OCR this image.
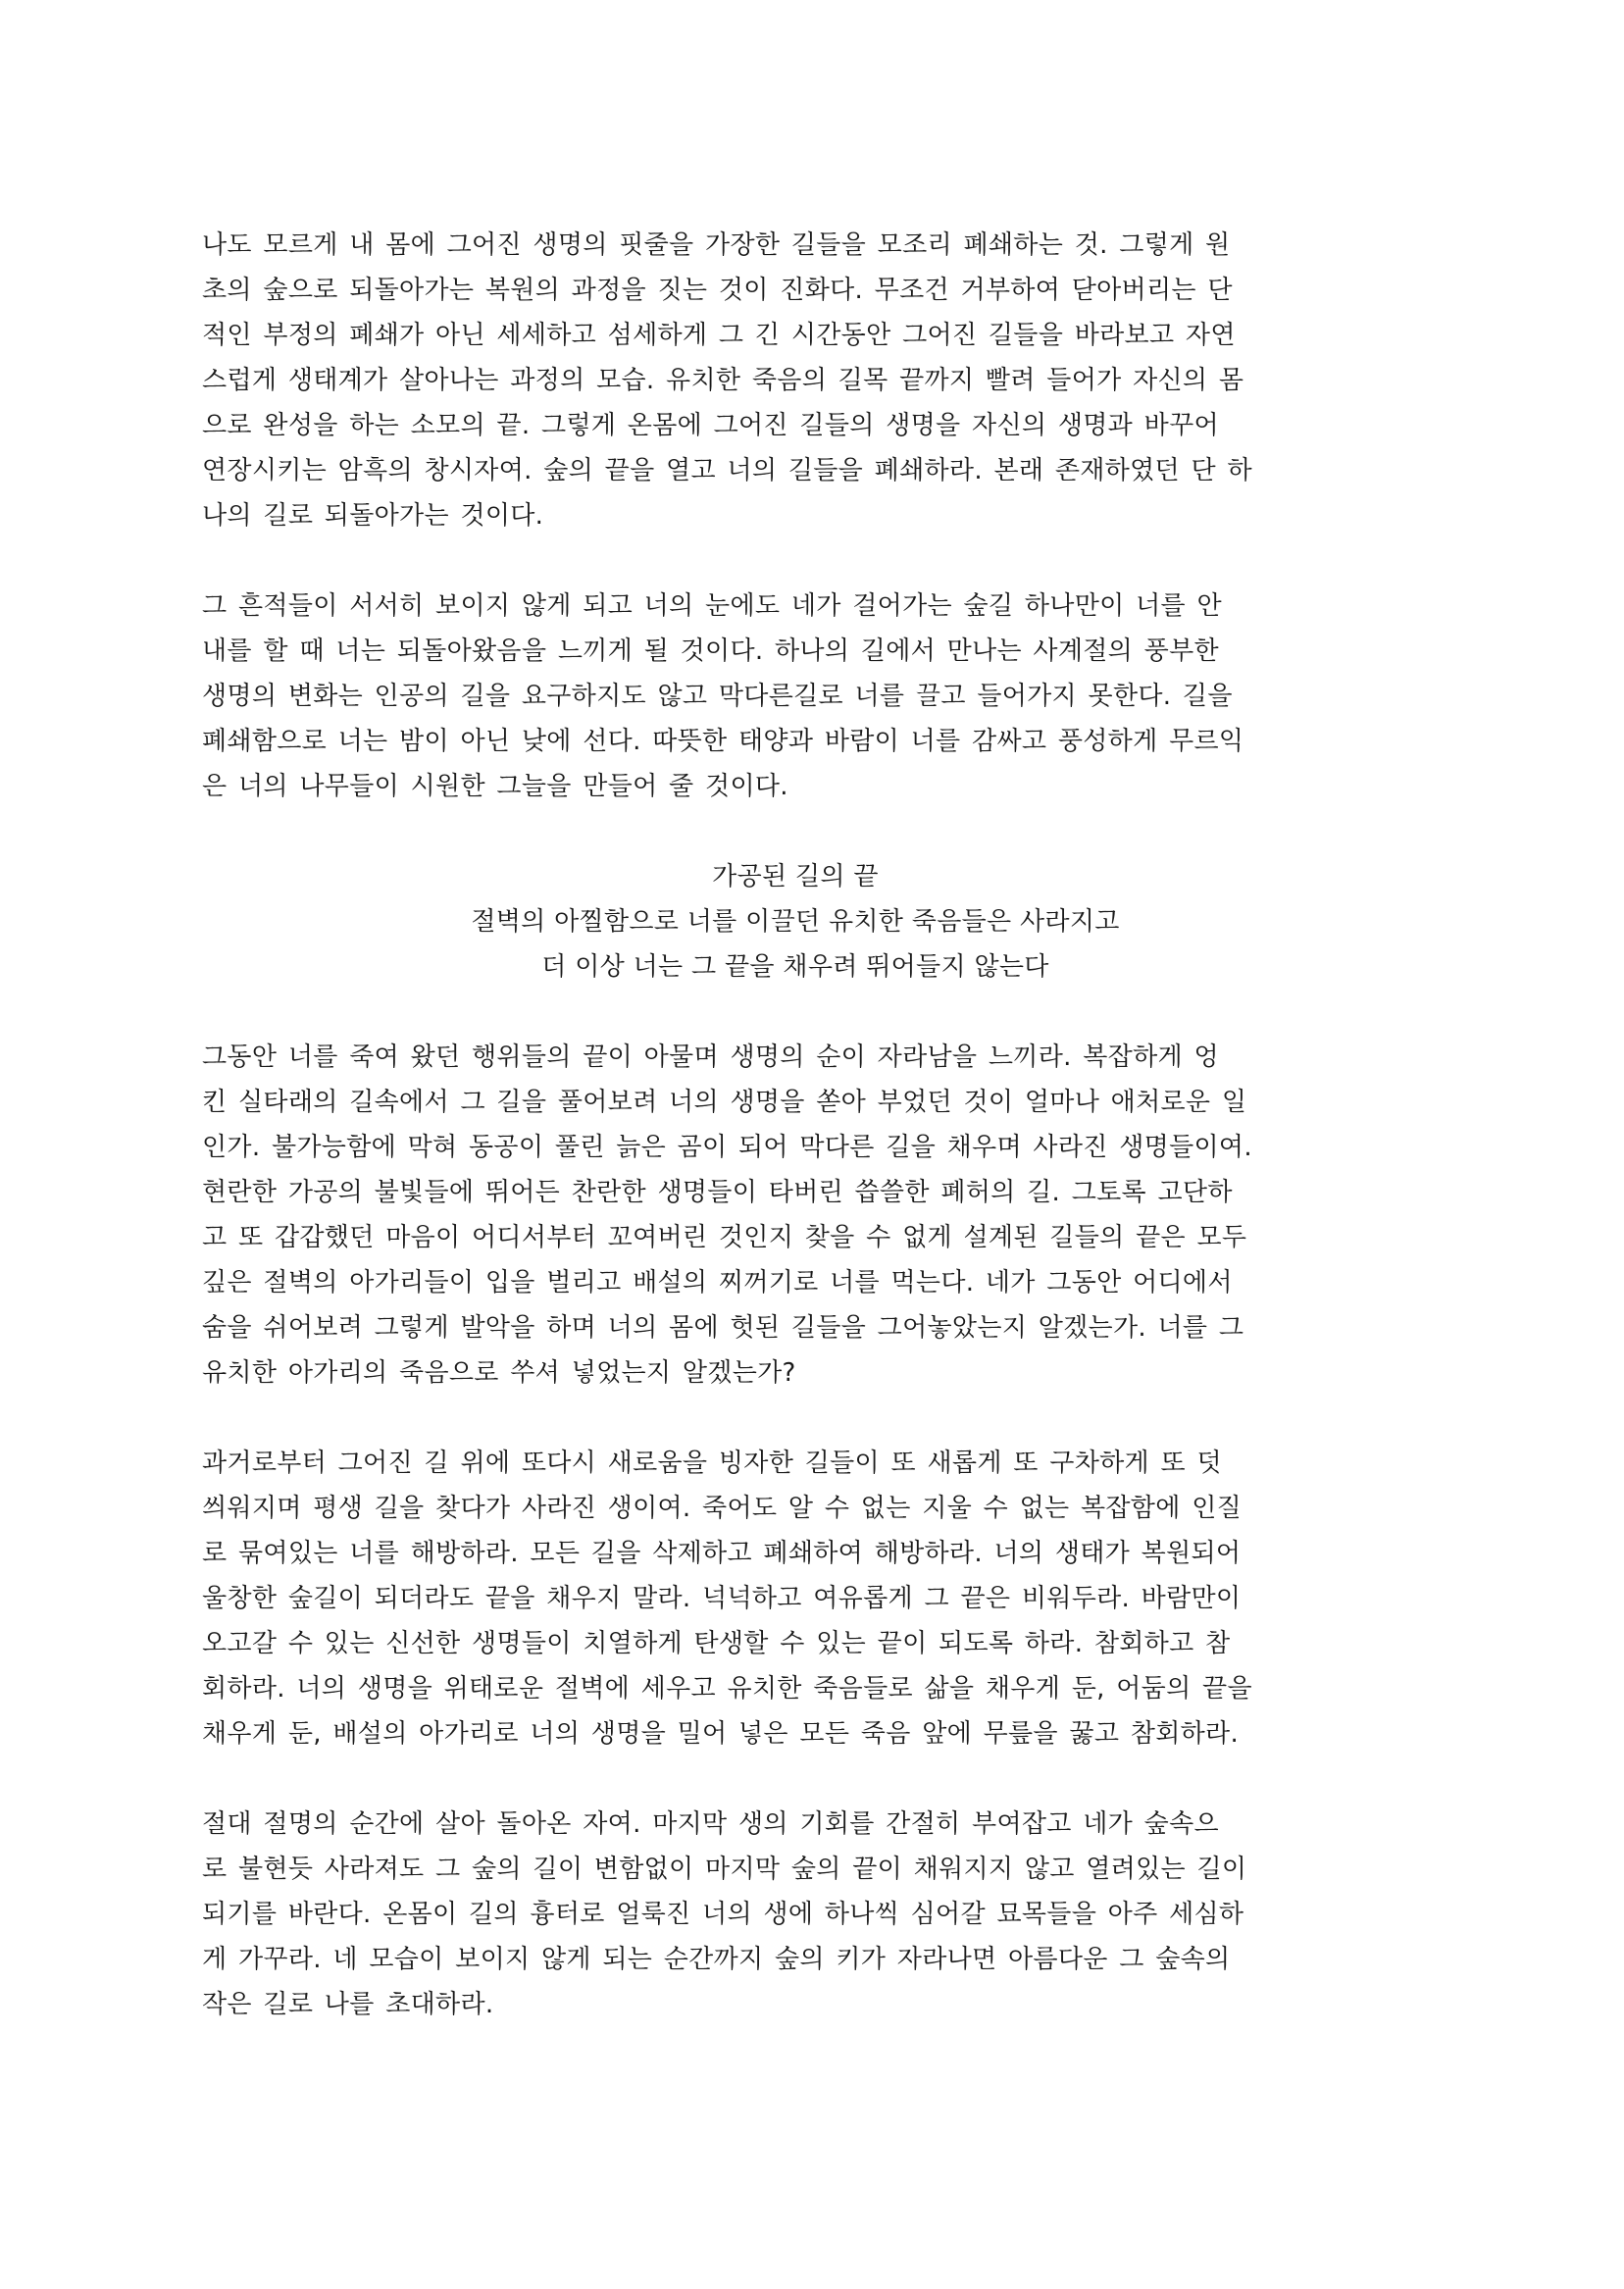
나도 모르게 내 몸에 그어진 생명의 핏줄을 가장한 길들을 모조리 폐쇄하는 것. 그렇게 원
초의 숲으로 되돌아가는 복원의 과정을 짓는 것이 진화다. 무조건 거부하여 닫아버리는 단
적인 부정의 폐쇄가 아닌 세세하고 섬세하게 그 긴 시간동안 그어진 길들을 바라보고 자연
스럽게 생태계가 살아나는 과정의 모습. 유치한 죽음의 길목 끝까지 빨려 들어가 자신의 몸
으로 완성을 하는 소모의 끝. 그렇게 온몸에 그어진 길들의 생명을 자신의 생명과 바꾸어
연장시키는 암흑의 창시자여. 숲의 끝을 열고 너의 길들을 폐쇄하라. 본래 존재하였던 단 하
나의 길로 되돌아가는 것이다.

그 흔적들이 서서히 보이지 않게 되고 너의 눈에도 네가 걸어가는 숲길 하나만이 너를 안
내를 할 때 너는 되돌아왔음을 느끼게 될 것이다. 하나의 길에서 만나는 사계절의 풍부한
생명의 변화는 인공의 길을 요구하지도 않고 막다른길로 너를 끌고 들어가지 못한다. 길을
폐쇄함으로 너는 밤이 아닌 낮에 선다. 따뜻한 태양과 바람이 너를 감싸고 풍성하게 무르익
은 너의 나무들이 시원한 그늘을 만들어 줄 것이다.

가공된 길의 끝
절벽의 아찔함으로 너를 이끌던 유치한 죽음들은 사라지고
더 이상 너는 그 끝을 채우려 뛰어들지 않는다

그동안 너를 죽여 왔던 행위들의 끝이 아물며 생명의 순이 자라남을 느끼라. 복잡하게 엉
킨 실타래의 길속에서 그 길을 풀어보려 너의 생명을 쏟아 부었던 것이 얼마나 애처로운 일
인가. 불가능함에 막혀 동공이 풀린 늙은 곰이 되어 막다른 길을 채우며 사라진 생명들이여.
현란한 가공의 불빛들에 뛰어든 찬란한 생명들이 타버린 씁쓸한 폐허의 길. 그토록 고단하
고 또 갑갑했던 마음이 어디서부터 꼬여버린 것인지 찾을 수 없게 설계된 길들의 끝은 모두
깊은 절벽의 아가리들이 입을 벌리고 배설의 찌꺼기로 너를 먹는다. 네가 그동안 어디에서
숨을 쉬어보려 그렇게 발악을 하며 너의 몸에 헛된 길들을 그어놓았는지 알겠는가. 너를 그
유치한 아가리의 죽음으로 쑤셔 넣었는지 알겠는가?

과거로부터 그어진 길 위에 또다시 새로움을 빙자한 길들이 또 새롭게 또 구차하게 또 덧
씌워지며 평생 길을 찾다가 사라진 생이여. 죽어도 알 수 없는 지울 수 없는 복잡함에 인질
로 묶여있는 너를 해방하라. 모든 길을 삭제하고 폐쇄하여 해방하라. 너의 생태가 복원되어
울창한 숲길이 되더라도 끝을 채우지 말라. 넉넉하고 여유롭게 그 끝은 비워두라. 바람만이
오고갈 수 있는 신선한 생명들이 치열하게 탄생할 수 있는 끝이 되도록 하라. 참회하고 참
회하라. 너의 생명을 위태로운 절벽에 세우고 유치한 죽음들로 삶을 채우게 둔, 어둠의 끝을
채우게 둔, 배설의 아가리로 너의 생명을 밀어 넣은 모든 죽음 앞에 무릎을 꿇고 참회하라.

절대 절명의 순간에 살아 돌아온 자여. 마지막 생의 기회를 간절히 부여잡고 네가 숲속으
로 불현듯 사라져도 그 숲의 길이 변함없이 마지막 숲의 끝이 채워지지 않고 열려있는 길이
되기를 바란다. 온몸이 길의 흉터로 얼룩진 너의 생에 하나씩 심어갈 묘목들을 아주 세심하
게 가꾸라. 네 모습이 보이지 않게 되는 순간까지 숲의 키가 자라나면 아름다운 그 숲속의
작은 길로 나를 초대하라.
